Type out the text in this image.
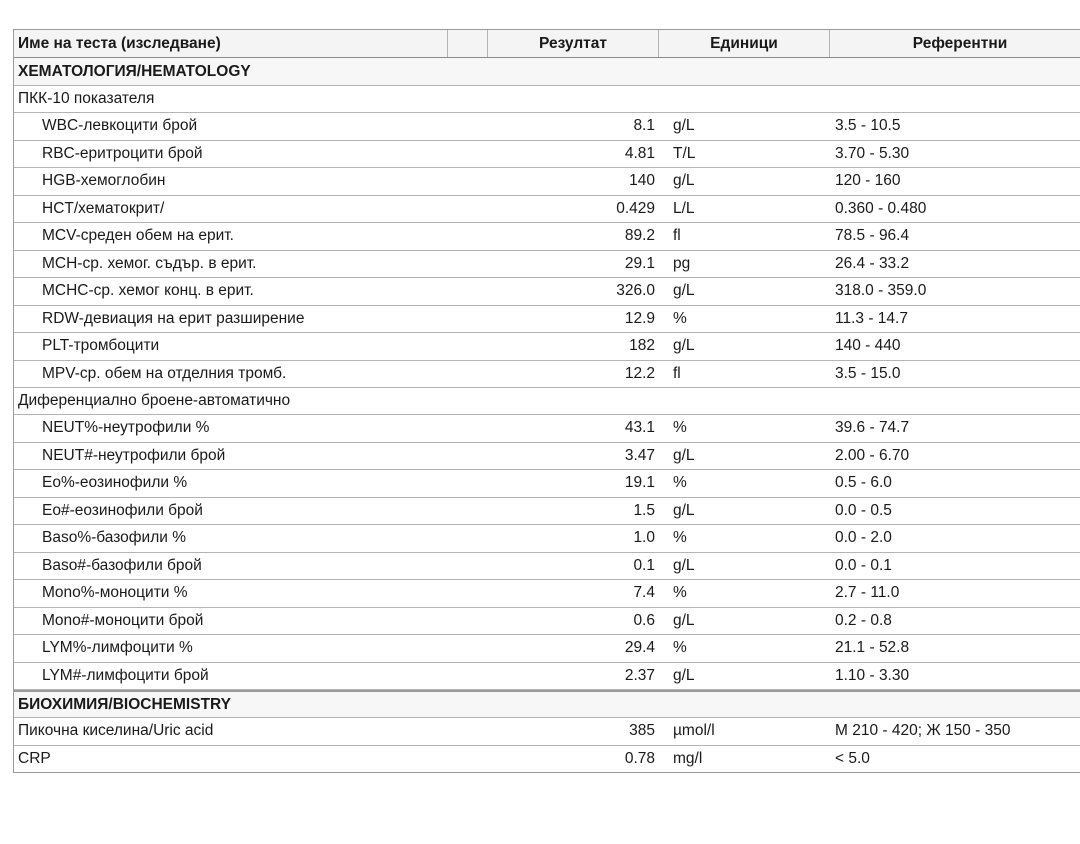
Име на теста (изследване)	Резултат	Единици	Референтни
ХЕМАТОЛОГИЯ/HEMATOLOGY
ПКК-10 показателя
WBC-левкоцити брой	8.1 g/L	3.5 - 10.5
RBC-еритроцити брой	4.81 T/L	3.70 - 5.30
HGB-хемоглобин	140 g/L	120 - 160
HCT/хематокрит/	0.429 L/L	0.360 - 0.480
MCV-среден обем на ерит.	89.2 fl	78.5 - 96.4
MCH-ср. хемог. съдър. в ерит.	29.1 pg	26.4 - 33.2
MCHC-ср. хемог конц. в ерит.	326.0 g/L	318.0 - 359.0
RDW-девиация на ерит разширение	12.9 %	11.3 - 14.7
PLT-тромбоцити	182 g/L	140 - 440
MPV-ср. обем на отделния тромб.	12.2 fl	3.5 - 15.0
Диференциално броене-автоматично
NEUT%-неутрофили %	43.1 %	39.6 - 74.7
NEUT#-неутрофили брой	3.47 g/L	2.00 - 6.70
Eo%-еозинофили %	19.1 %	0.5 - 6.0
Eo#-еозинофили брой	1.5 g/L	0.0 - 0.5
Baso%-базофили %	1.0 %	0.0 - 2.0
Baso#-базофили брой	0.1 g/L	0.0 - 0.1
Mono%-моноцити %	7.4 %	2.7 - 11.0
Mono#-моноцити брой	0.6 g/L	0.2 - 0.8
LYM%-лимфоцити %	29.4 %	21.1 - 52.8
LYM#-лимфоцити брой	2.37 g/L	1.10 - 3.30
БИОХИМИЯ/BIOCHEMISTRY
Пикочна киселина/Uric acid	385 µmol/l	М 210 - 420; Ж 150 - 350
CRP	0.78 mg/l	< 5.0
